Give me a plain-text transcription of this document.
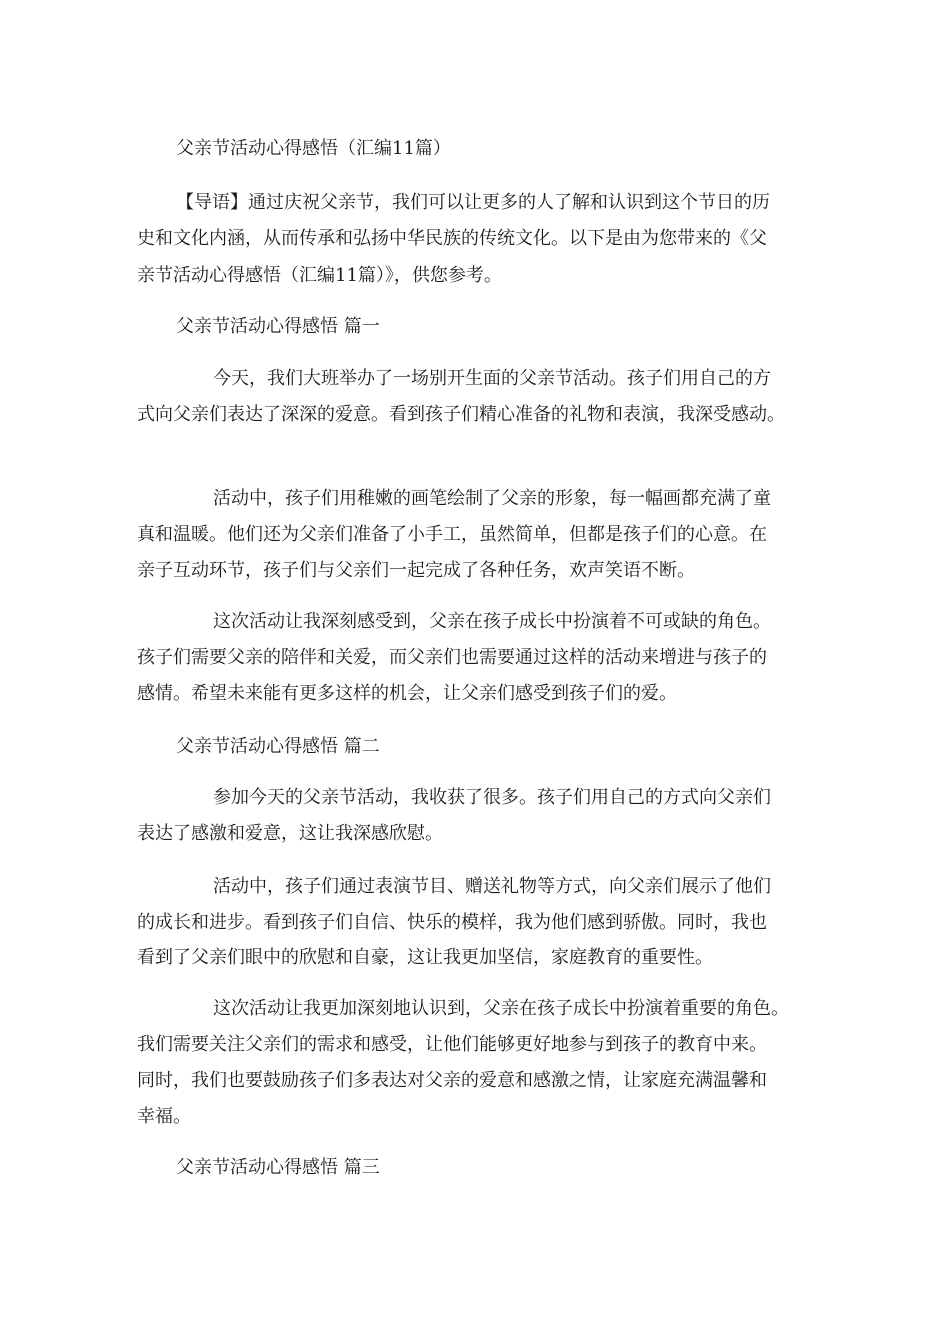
父亲节活动心得感悟（汇编11篇）
【导语】通过庆祝父亲节，我们可以让更多的人了解和认识到这个节日的历
史和文化内涵，从而传承和弘扬中华民族的传统文化。以下是由为您带来的《父
亲节活动心得感悟（汇编11篇）》，供您参考。
父亲节活动心得感悟 篇一
今天，我们大班举办了一场别开生面的父亲节活动。孩子们用自己的方
式向父亲们表达了深深的爱意。看到孩子们精心准备的礼物和表演，我深受感动。
活动中，孩子们用稚嫩的画笔绘制了父亲的形象，每一幅画都充满了童
真和温暖。他们还为父亲们准备了小手工，虽然简单，但都是孩子们的心意。在
亲子互动环节，孩子们与父亲们一起完成了各种任务，欢声笑语不断。
这次活动让我深刻感受到，父亲在孩子成长中扮演着不可或缺的角色。
孩子们需要父亲的陪伴和关爱，而父亲们也需要通过这样的活动来增进与孩子的
感情。希望未来能有更多这样的机会，让父亲们感受到孩子们的爱。
父亲节活动心得感悟 篇二
参加今天的父亲节活动，我收获了很多。孩子们用自己的方式向父亲们
表达了感激和爱意，这让我深感欣慰。
活动中，孩子们通过表演节目、赠送礼物等方式，向父亲们展示了他们
的成长和进步。看到孩子们自信、快乐的模样，我为他们感到骄傲。同时，我也
看到了父亲们眼中的欣慰和自豪，这让我更加坚信，家庭教育的重要性。
这次活动让我更加深刻地认识到，父亲在孩子成长中扮演着重要的角色。
我们需要关注父亲们的需求和感受，让他们能够更好地参与到孩子的教育中来。
同时，我们也要鼓励孩子们多表达对父亲的爱意和感激之情，让家庭充满温馨和
幸福。
父亲节活动心得感悟 篇三
